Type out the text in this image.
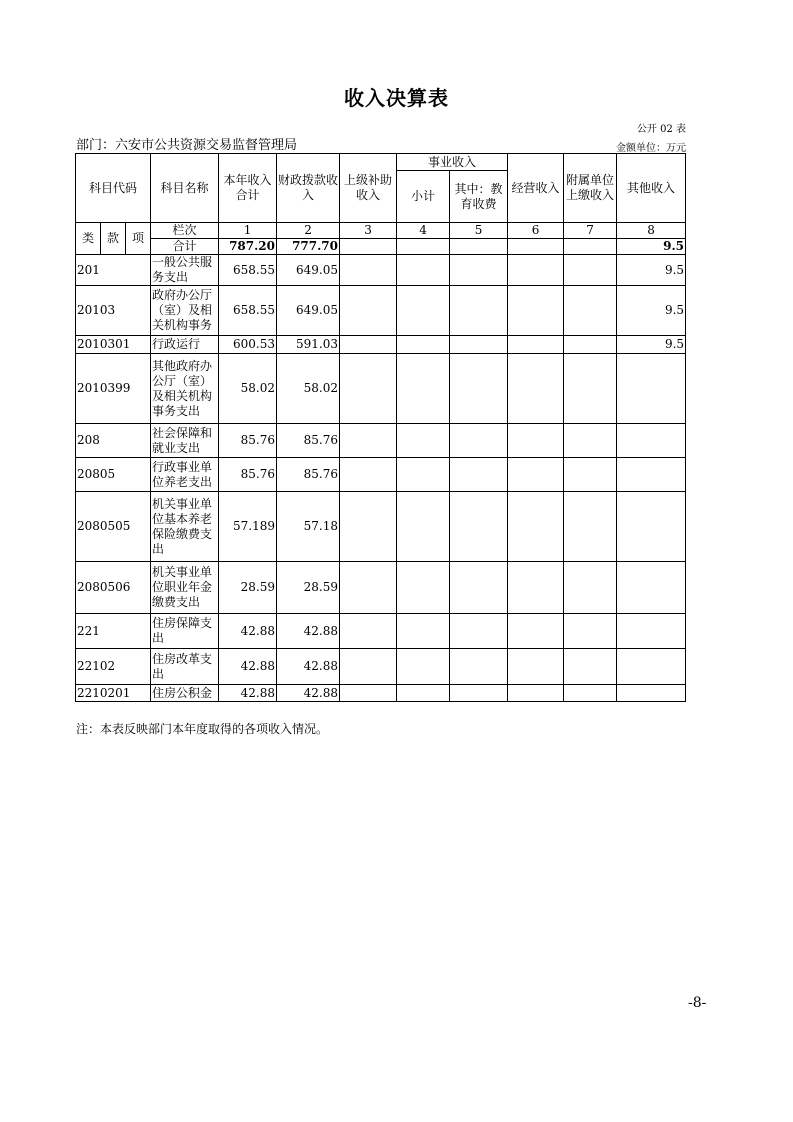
收入决算表
公开 02 表
部门：六安市公共资源交易监督管理局	金额单位：万元
科目代码			科目名称	本年收入合计	财政拨款收入	上级补助收入	事业收入		经营收入	附属单位上缴收入	其他收入
							小计	其中：教育收费			
类	款	项	栏次	1	2	3	4	5	6	7	8
			合计	787.20	777.70						9.5
201			一般公共服务支出	658.55	649.05						9.5
20103			政府办公厅（室）及相关机构事务	658.55	649.05						9.5
2010301			行政运行	600.53	591.03						9.5
2010399			其他政府办公厅（室）及相关机构事务支出	58.02	58.02						
208			社会保障和就业支出	85.76	85.76						
20805			行政事业单位养老支出	85.76	85.76						
2080505			机关事业单位基本养老保险缴费支出	57.189	57.18						
2080506			机关事业单位职业年金缴费支出	28.59	28.59						
221			住房保障支出	42.88	42.88						
22102			住房改革支出	42.88	42.88						
2210201			住房公积金	42.88	42.88						
注：本表反映部门本年度取得的各项收入情况。
-8-
